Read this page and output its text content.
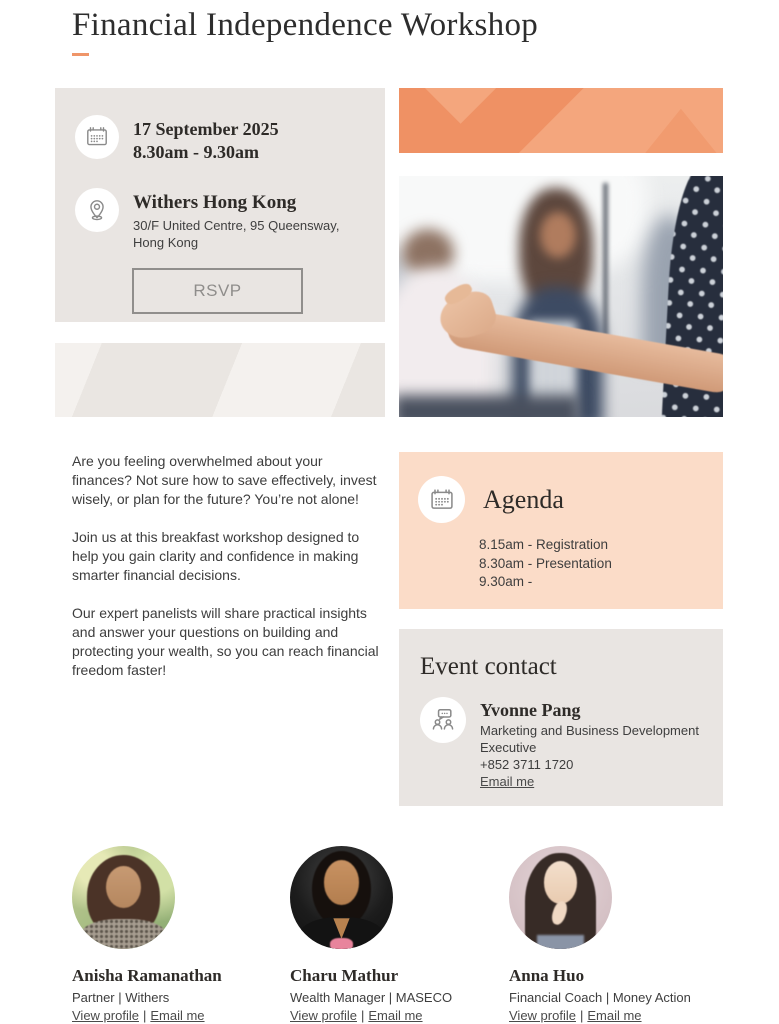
Financial Independence Workshop
17 September 2025
8.30am - 9.30am
Withers Hong Kong
30/F United Centre, 95 Queensway, Hong Kong
RSVP

Are you feeling overwhelmed about your finances? Not sure how to save effectively, invest wisely, or plan for the future? You’re not alone!

Join us at this breakfast workshop designed to help you gain clarity and confidence in making smarter financial decisions.

Our expert panelists will share practical insights and answer your questions on building and protecting your wealth, so you can reach financial freedom faster!

Agenda
8.15am - Registration
8.30am - Presentation
9.30am -
Event contact
Yvonne Pang
Marketing and Business Development Executive
+852 3711 1720
Email me
Anisha Ramanathan
Partner | Withers
View profile | Email me
Charu Mathur
Wealth Manager | MASECO
View profile | Email me
Anna Huo
Financial Coach | Money Action
View profile | Email me
